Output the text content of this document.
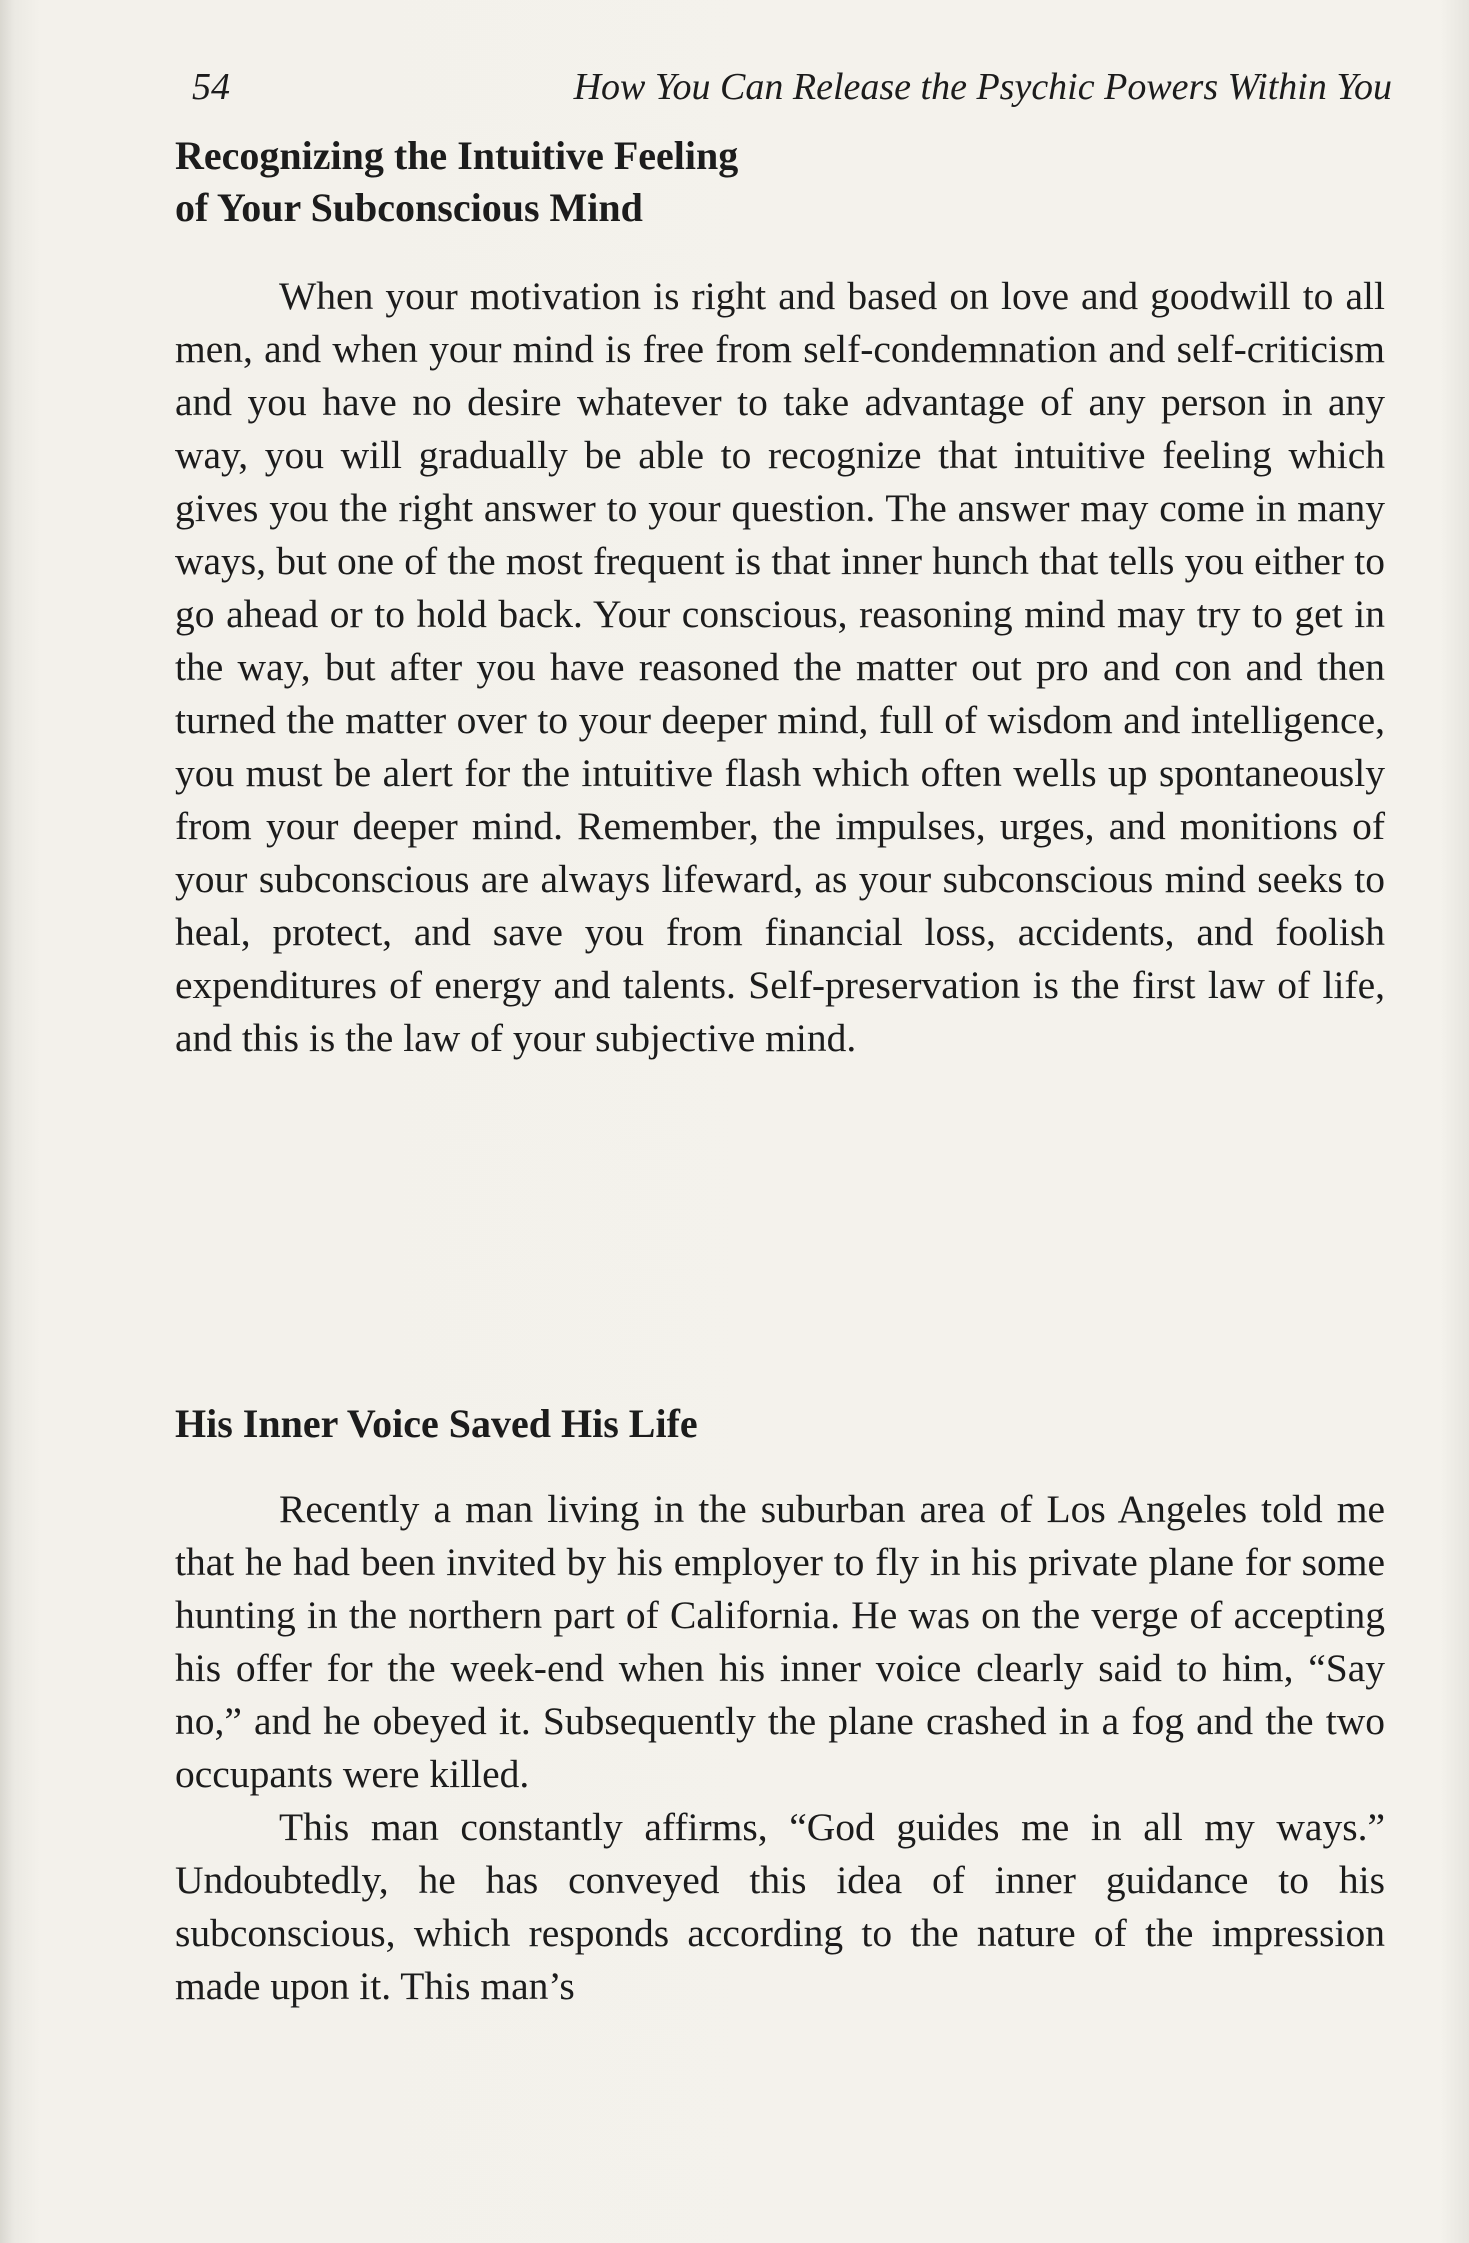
54	How You Can Release the Psychic Powers Within You
Recognizing the Intuitive Feeling
of Your Subconscious Mind

When your motivation is right and based on love and goodwill to all men, and when your mind is free from self-condemnation and self-criticism and you have no desire whatever to take advantage of any person in any way, you will gradually be able to recognize that intuitive feeling which gives you the right answer to your question. The answer may come in many ways, but one of the most frequent is that inner hunch that tells you either to go ahead or to hold back. Your conscious, reasoning mind may try to get in the way, but after you have reasoned the matter out pro and con and then turned the matter over to your deeper mind, full of wisdom and intelligence, you must be alert for the intuitive flash which often wells up spontaneously from your deeper mind. Remember, the impulses, urges, and monitions of your subconscious are always lifeward, as your subconscious mind seeks to heal, protect, and save you from financial loss, accidents, and foolish expenditures of energy and talents. Self-preservation is the first law of life, and this is the law of your subjective mind.

His Inner Voice Saved His Life

Recently a man living in the suburban area of Los Angeles told me that he had been invited by his employer to fly in his private plane for some hunting in the northern part of California. He was on the verge of accepting his offer for the week-end when his inner voice clearly said to him, “Say no,” and he obeyed it. Subsequently the plane crashed in a fog and the two occupants were killed.

This man constantly affirms, “God guides me in all my ways.” Undoubtedly, he has conveyed this idea of inner guidance to his subconscious, which responds according to the nature of the impression made upon it. This man’s
